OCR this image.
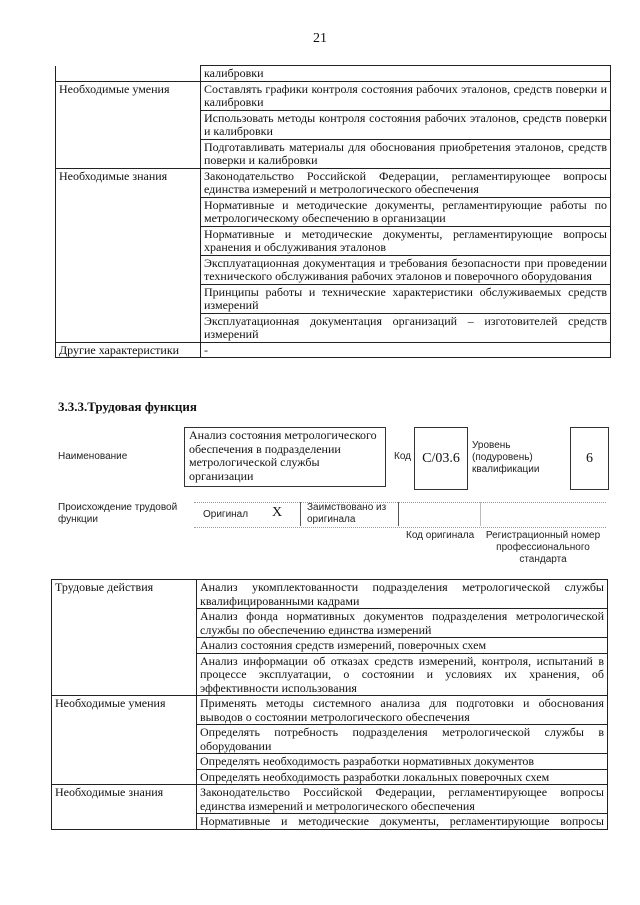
21
	калибровки
Необходимые умения	Составлять графики контроля состояния рабочих эталонов, средств поверки и калибровки
	Использовать методы контроля состояния рабочих эталонов, средств поверки и калибровки
	Подготавливать материалы для обоснования приобретения эталонов, средств поверки и калибровки
Необходимые знания	Законодательство Российской Федерации, регламентирующее вопросы единства измерений и метрологического обеспечения
	Нормативные и методические документы, регламентирующие работы по метрологическому обеспечению в организации
	Нормативные и методические документы, регламентирующие вопросы хранения и обслуживания эталонов
	Эксплуатационная документация и требования безопасности при проведении технического обслуживания рабочих эталонов и поверочного оборудования
	Принципы работы и технические характеристики обслуживаемых средств измерений
	Эксплуатационная документация организаций – изготовителей средств измерений
Другие характеристики	-
3.3.3.Трудовая функция
Наименование
Анализ состояния метрологического обеспечения в подразделении метрологической службы организации
Код С/03.6
Уровень (подуровень) квалификации
6
Происхождение трудовой функции	Оригинал X Заимствовано из оригинала
Код оригинала Регистрационный номер профессионального стандарта
Трудовые действия	Анализ укомплектованности подразделения метрологической службы квалифицированными кадрами
	Анализ фонда нормативных документов подразделения метрологической службы по обеспечению единства измерений
	Анализ состояния средств измерений, поверочных схем
	Анализ информации об отказах средств измерений, контроля, испытаний в процессе эксплуатации, о состоянии и условиях их хранения, об эффективности использования
Необходимые умения	Применять методы системного анализа для подготовки и обоснования выводов о состоянии метрологического обеспечения
	Определять потребность подразделения метрологической службы в оборудовании
	Определять необходимость разработки нормативных документов
	Определять необходимость разработки локальных поверочных схем
Необходимые знания	Законодательство Российской Федерации, регламентирующее вопросы единства измерений и метрологического обеспечения
	Нормативные и методические документы, регламентирующие вопросы
